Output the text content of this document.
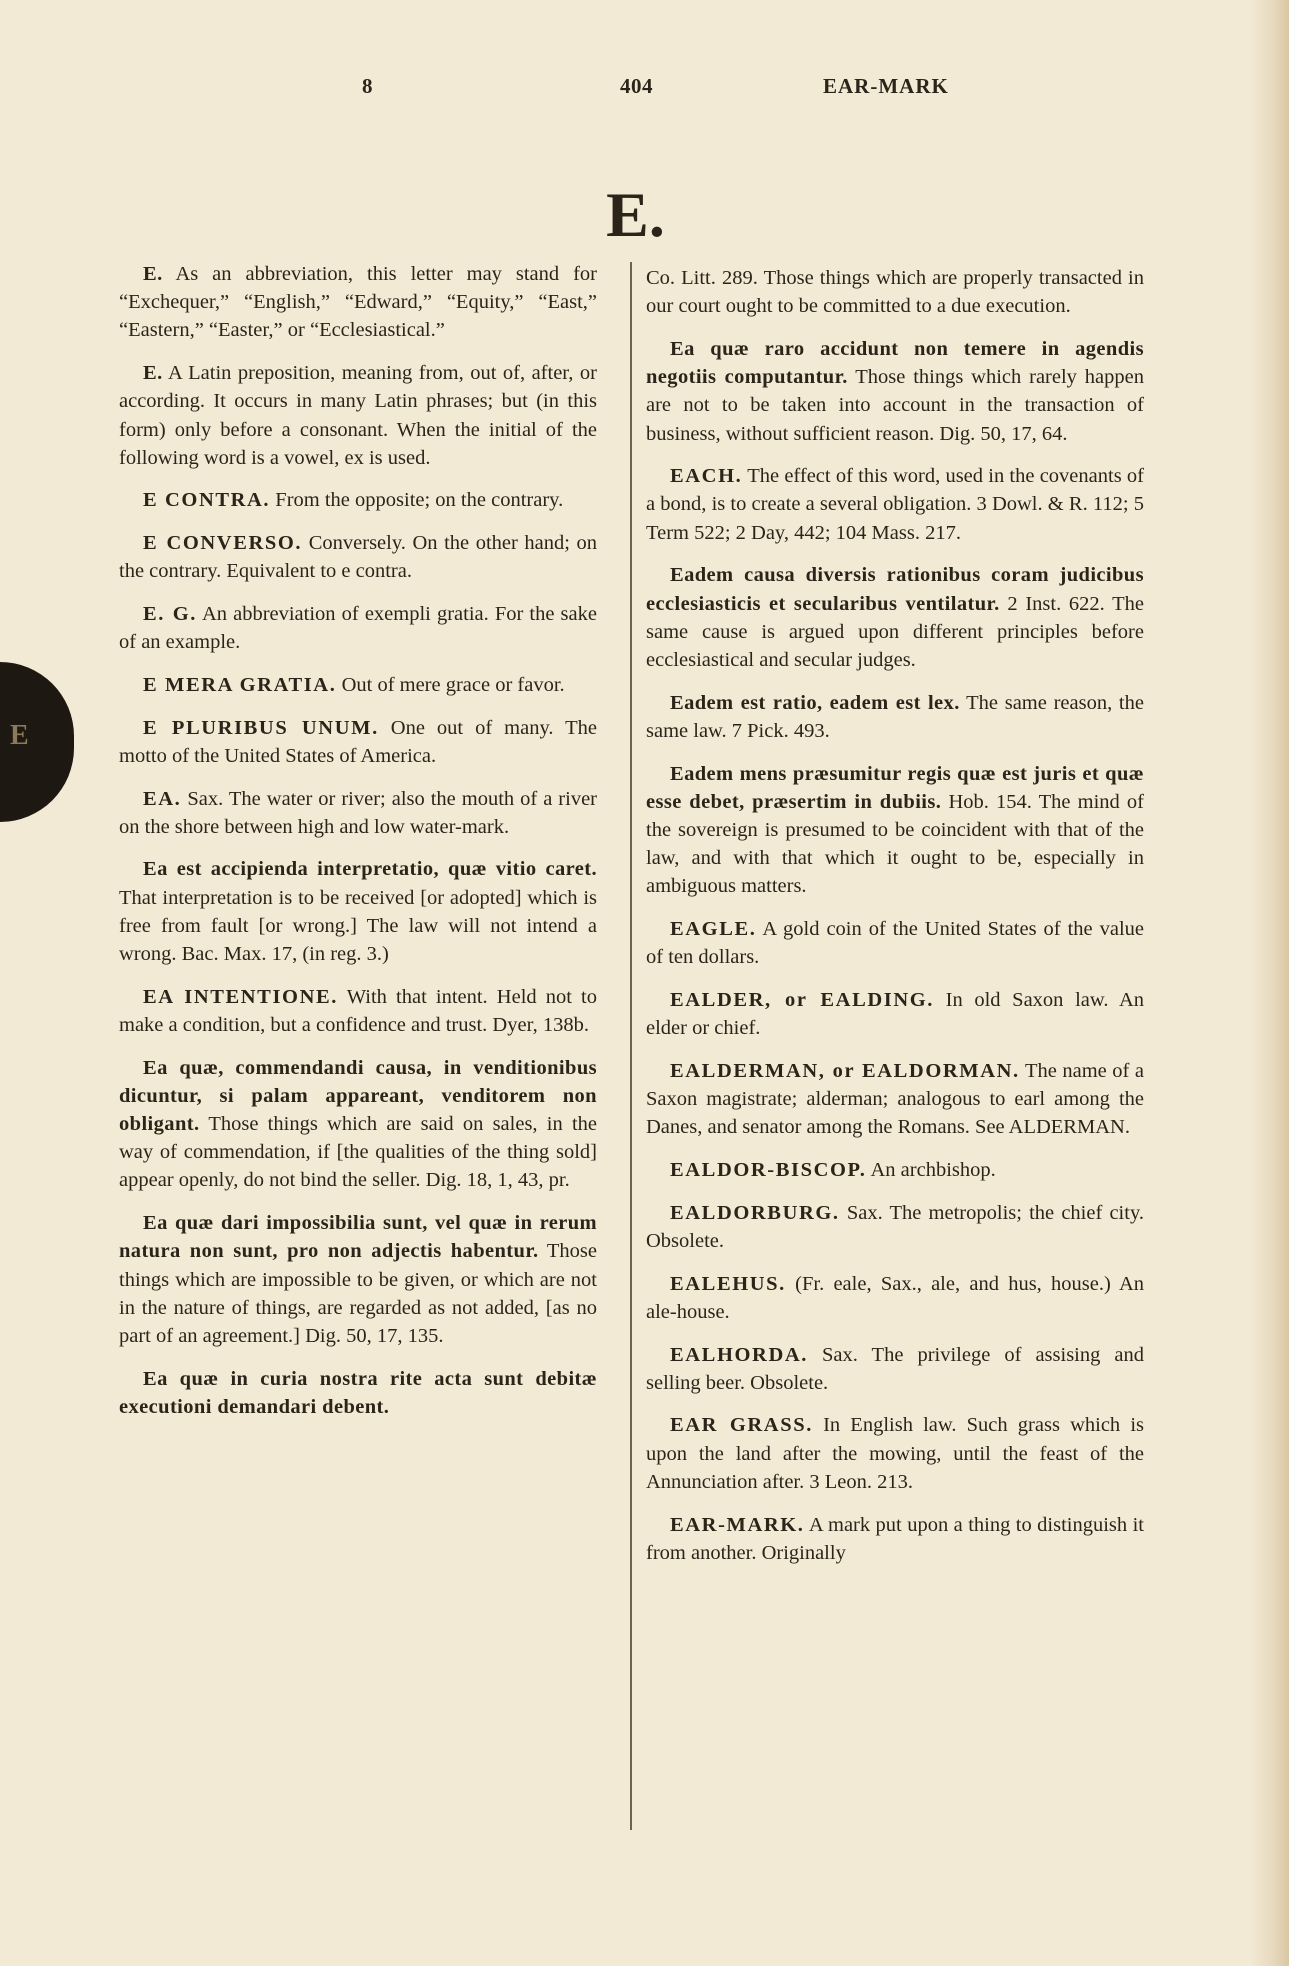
E
8	404	EAR-MARK
E.

E. As an abbreviation, this letter may stand for “Exchequer,” “English,” “Edward,” “Equity,” “East,” “Eastern,” “Easter,” or “Ecclesiastical.”

E. A Latin preposition, meaning from, out of, after, or according. It occurs in many Latin phrases; but (in this form) only before a consonant. When the initial of the following word is a vowel, ex is used.

E CONTRA. From the opposite; on the contrary.

E CONVERSO. Conversely. On the other hand; on the contrary. Equivalent to e contra.

E. G. An abbreviation of exempli gratia. For the sake of an example.

E MERA GRATIA. Out of mere grace or favor.

E PLURIBUS UNUM. One out of many. The motto of the United States of America.

EA. Sax. The water or river; also the mouth of a river on the shore between high and low water-mark.

Ea est accipienda interpretatio, quæ vitio caret. That interpretation is to be received [or adopted] which is free from fault [or wrong.] The law will not intend a wrong. Bac. Max. 17, (in reg. 3.)

EA INTENTIONE. With that intent. Held not to make a condition, but a confidence and trust. Dyer, 138b.

Ea quæ, commendandi causa, in venditionibus dicuntur, si palam appareant, venditorem non obligant. Those things which are said on sales, in the way of commendation, if [the qualities of the thing sold] appear openly, do not bind the seller. Dig. 18, 1, 43, pr.

Ea quæ dari impossibilia sunt, vel quæ in rerum natura non sunt, pro non adjectis habentur. Those things which are impossible to be given, or which are not in the nature of things, are regarded as not added, [as no part of an agreement.] Dig. 50, 17, 135.

Ea quæ in curia nostra rite acta sunt debitæ executioni demandari debent.

Co. Litt. 289. Those things which are properly transacted in our court ought to be committed to a due execution.

Ea quæ raro accidunt non temere in agendis negotiis computantur. Those things which rarely happen are not to be taken into account in the transaction of business, without sufficient reason. Dig. 50, 17, 64.

EACH. The effect of this word, used in the covenants of a bond, is to create a several obligation. 3 Dowl. & R. 112; 5 Term 522; 2 Day, 442; 104 Mass. 217.

Eadem causa diversis rationibus coram judicibus ecclesiasticis et secularibus ventilatur. 2 Inst. 622. The same cause is argued upon different principles before ecclesiastical and secular judges.

Eadem est ratio, eadem est lex. The same reason, the same law. 7 Pick. 493.

Eadem mens præsumitur regis quæ est juris et quæ esse debet, præsertim in dubiis. Hob. 154. The mind of the sovereign is presumed to be coincident with that of the law, and with that which it ought to be, especially in ambiguous matters.

EAGLE. A gold coin of the United States of the value of ten dollars.

EALDER, or EALDING. In old Saxon law. An elder or chief.

EALDERMAN, or EALDORMAN. The name of a Saxon magistrate; alderman; analogous to earl among the Danes, and senator among the Romans. See ALDERMAN.

EALDOR-BISCOP. An archbishop.

EALDORBURG. Sax. The metropolis; the chief city. Obsolete.

EALEHUS. (Fr. eale, Sax., ale, and hus, house.) An ale-house.

EALHORDA. Sax. The privilege of assising and selling beer. Obsolete.

EAR GRASS. In English law. Such grass which is upon the land after the mowing, until the feast of the Annunciation after. 3 Leon. 213.

EAR-MARK. A mark put upon a thing to distinguish it from another. Originally
